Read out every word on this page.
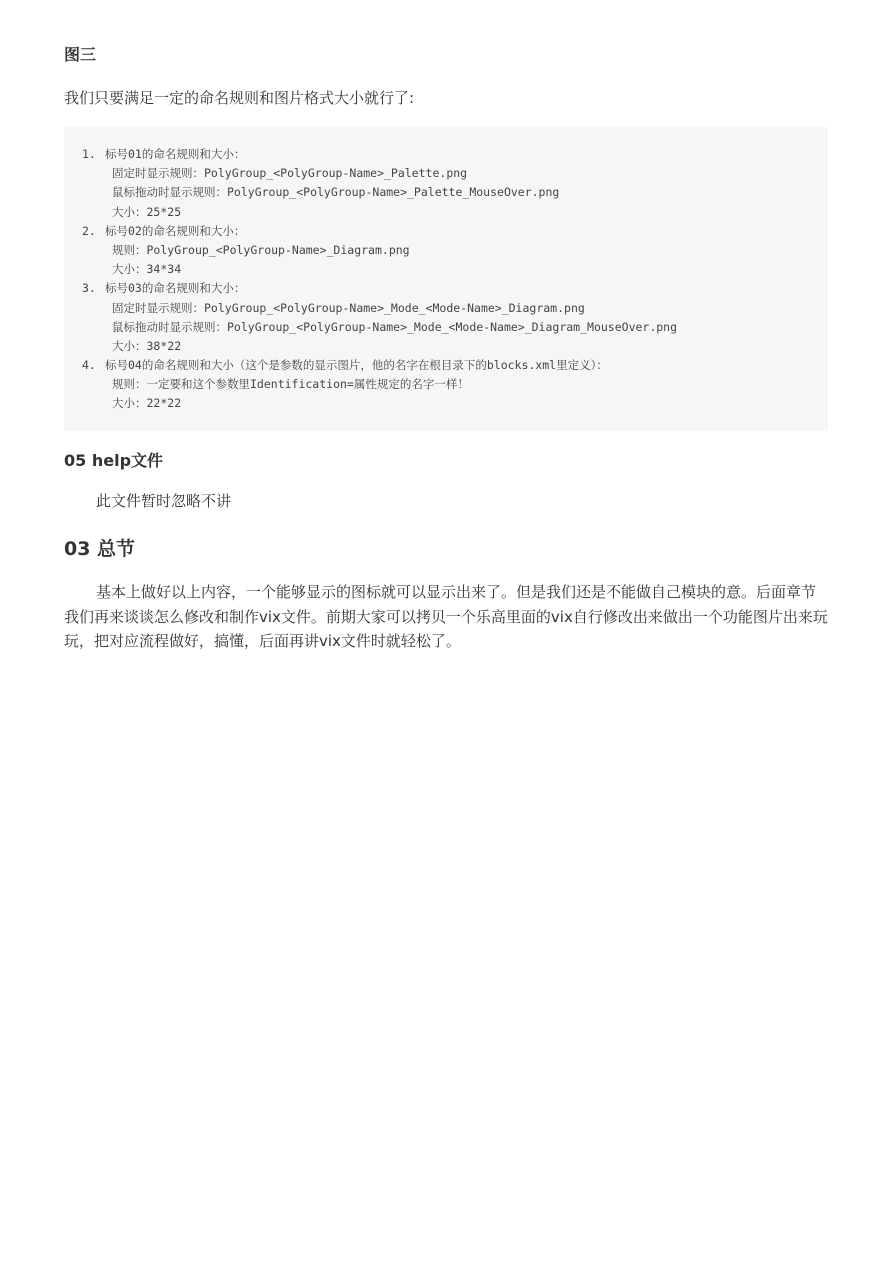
图三
我们只要满足一定的命名规则和图片格式大小就行了:
1. 标号01的命名规则和大小：
固定时显示规则：PolyGroup_<PolyGroup-Name>_Palette.png
鼠标拖动时显示规则：PolyGroup_<PolyGroup-Name>_Palette_MouseOver.png
大小：25*25
2. 标号02的命名规则和大小：
规则：PolyGroup_<PolyGroup-Name>_Diagram.png
大小：34*34
3. 标号03的命名规则和大小：
固定时显示规则：PolyGroup_<PolyGroup-Name>_Mode_<Mode-Name>_Diagram.png
鼠标拖动时显示规则：PolyGroup_<PolyGroup-Name>_Mode_<Mode-Name>_Diagram_MouseOver.png
大小：38*22
4. 标号04的命名规则和大小（这个是参数的显示图片，他的名字在根目录下的blocks.xml里定义）：
规则：一定要和这个参数里Identification=属性规定的名字一样！
大小：22*22
05 help文件
此文件暂时忽略不讲
03 总节
基本上做好以上内容，一个能够显示的图标就可以显示出来了。但是我们还是不能做自己模块的意。后面章节我们再来谈谈怎么修改和制作vix文件。前期大家可以拷贝一个乐高里面的vix自行修改出来做出一个功能图片出来玩玩，把对应流程做好，搞懂，后面再讲vix文件时就轻松了。
